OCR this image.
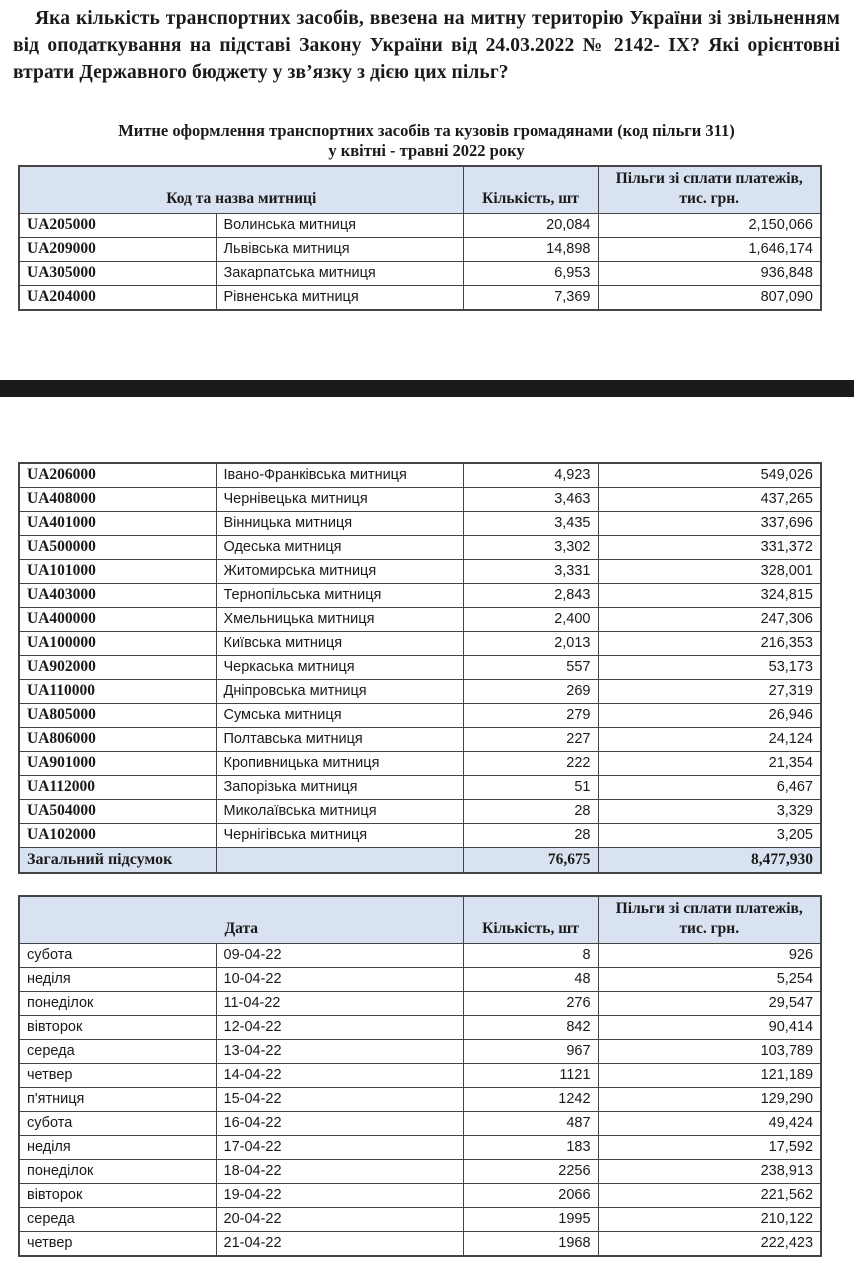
Яка кількість транспортних засобів, ввезена на митну територію України зі звільненням від оподаткування на підставі Закону України від 24.03.2022 № 2142- IX? Які орієнтовні втрати Державного бюджету у зв’язку з дією цих пільг?

Митне оформлення транспортних засобів та кузовів громадянами (код пільги 311)
у квітні - травні 2022 року
Код та назва митниці		Кількість, шт	Пільги зі сплати платежів, тис. грн.
UA205000	Волинська митниця	20,084	2,150,066
UA209000	Львівська митниця	14,898	1,646,174
UA305000	Закарпатська митниця	6,953	936,848
UA204000	Рівненська митниця	7,369	807,090
UA206000	Івано-Франківська митниця	4,923	549,026
UA408000	Чернівецька митниця	3,463	437,265
UA401000	Вінницька митниця	3,435	337,696
UA500000	Одеська митниця	3,302	331,372
UA101000	Житомирська митниця	3,331	328,001
UA403000	Тернопільська митниця	2,843	324,815
UA400000	Хмельницька митниця	2,400	247,306
UA100000	Київська митниця	2,013	216,353
UA902000	Черкаська митниця	557	53,173
UA110000	Дніпровська митниця	269	27,319
UA805000	Сумська митниця	279	26,946
UA806000	Полтавська митниця	227	24,124
UA901000	Кропивницька митниця	222	21,354
UA112000	Запорізька митниця	51	6,467
UA504000	Миколаївська митниця	28	3,329
UA102000	Чернігівська митниця	28	3,205
Загальний підсумок		76,675	8,477,930
Дата		Кількість, шт	Пільги зі сплати платежів, тис. грн.
субота	09-04-22	8	926
неділя	10-04-22	48	5,254
понеділок	11-04-22	276	29,547
вівторок	12-04-22	842	90,414
середа	13-04-22	967	103,789
четвер	14-04-22	1121	121,189
п'ятниця	15-04-22	1242	129,290
субота	16-04-22	487	49,424
неділя	17-04-22	183	17,592
понеділок	18-04-22	2256	238,913
вівторок	19-04-22	2066	221,562
середа	20-04-22	1995	210,122
четвер	21-04-22	1968	222,423
